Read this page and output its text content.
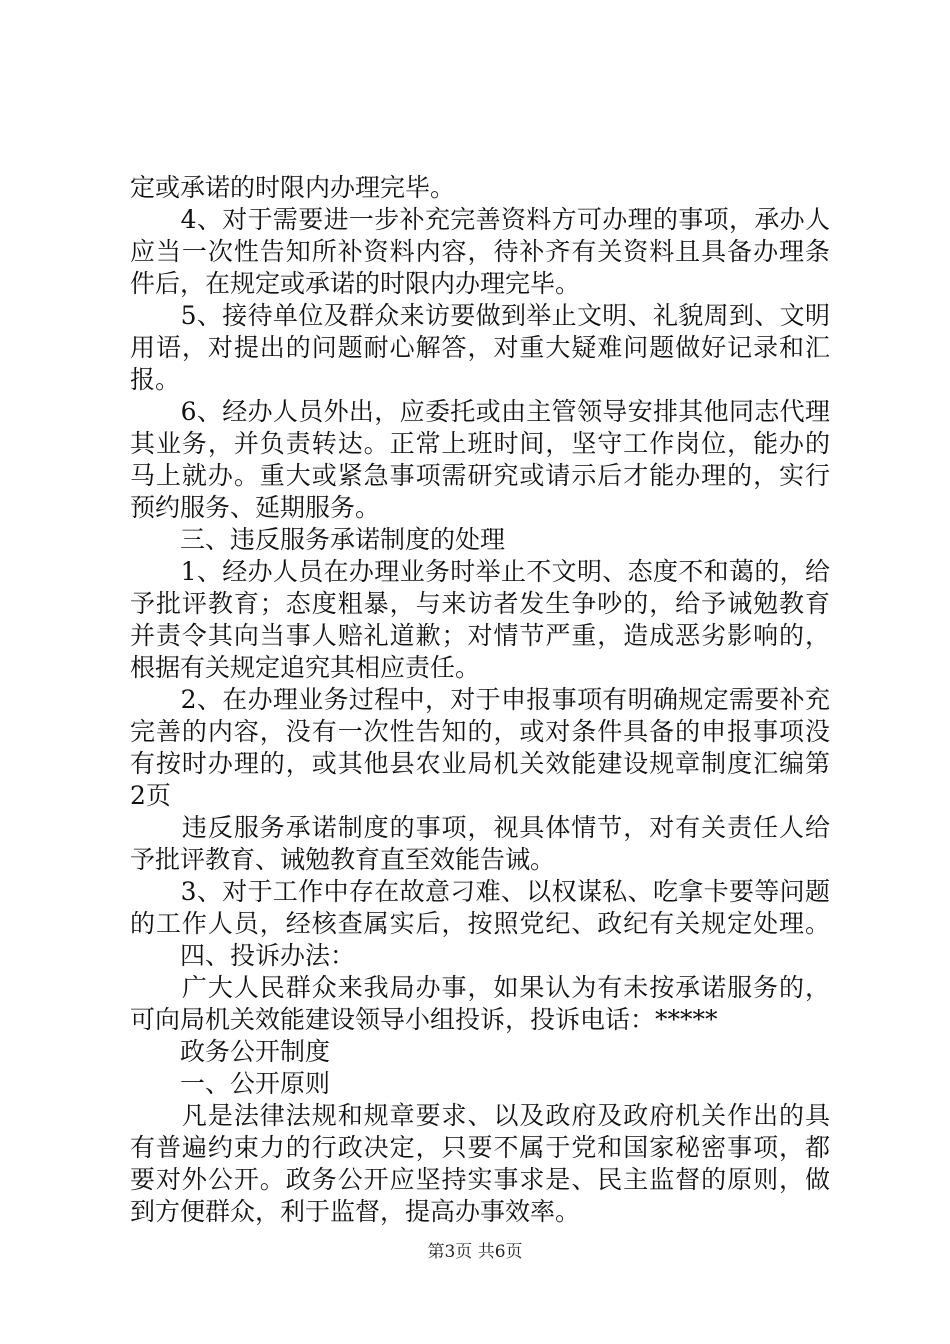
定或承诺的时限内办理完毕。
　　4、对于需要进一步补充完善资料方可办理的事项，承办人
应当一次性告知所补资料内容，待补齐有关资料且具备办理条
件后，在规定或承诺的时限内办理完毕。
　　5、接待单位及群众来访要做到举止文明、礼貌周到、文明
用语，对提出的问题耐心解答，对重大疑难问题做好记录和汇
报。
　　6、经办人员外出，应委托或由主管领导安排其他同志代理
其业务，并负责转达。正常上班时间，坚守工作岗位，能办的
马上就办。重大或紧急事项需研究或请示后才能办理的，实行
预约服务、延期服务。
　　三、违反服务承诺制度的处理
　　1、经办人员在办理业务时举止不文明、态度不和蔼的，给
予批评教育；态度粗暴，与来访者发生争吵的，给予诫勉教育
并责令其向当事人赔礼道歉；对情节严重，造成恶劣影响的，
根据有关规定追究其相应责任。
　　2、在办理业务过程中，对于申报事项有明确规定需要补充
完善的内容，没有一次性告知的，或对条件具备的申报事项没
有按时办理的，或其他县农业局机关效能建设规章制度汇编第
2页
　　违反服务承诺制度的事项，视具体情节，对有关责任人给
予批评教育、诫勉教育直至效能告诫。
　　3、对于工作中存在故意刁难、以权谋私、吃拿卡要等问题
的工作人员，经核查属实后，按照党纪、政纪有关规定处理。
　　四、投诉办法：
　　广大人民群众来我局办事，如果认为有未按承诺服务的，
可向局机关效能建设领导小组投诉，投诉电话：*****
　　政务公开制度
　　一、公开原则
　　凡是法律法规和规章要求、以及政府及政府机关作出的具
有普遍约束力的行政决定，只要不属于党和国家秘密事项，都
要对外公开。政务公开应坚持实事求是、民主监督的原则，做
到方便群众，利于监督，提高办事效率。
第3页 共6页
